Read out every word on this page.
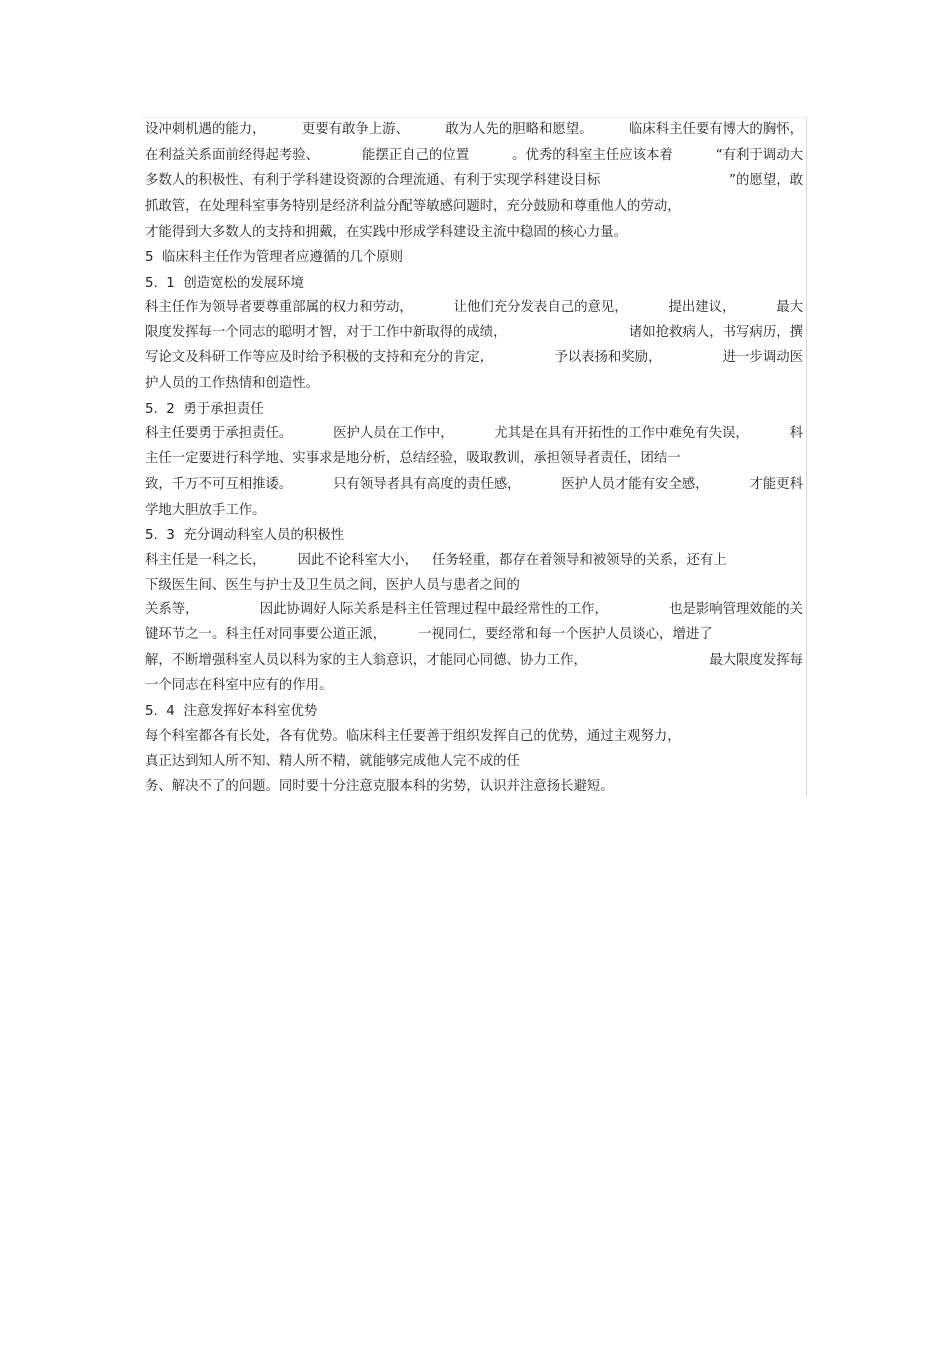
设冲刺机遇的能力，	更要有敢争上游、	敢为人先的胆略和愿望。	临床科主任要有博大的胸怀，
在利益关系面前经得起考验、	能摆正自己的位置	。优秀的科室主任应该本着	“有利于调动大
多数人的积极性、有利于学科建设资源的合理流通、有利于实现学科建设目标	”的愿望，敢
抓敢管，在处理科室事务特别是经济利益分配等敏感问题时，充分鼓励和尊重他人的劳动，
才能得到大多数人的支持和拥戴，在实践中形成学科建设主流中稳固的核心力量。
5  临床科主任作为管理者应遵循的几个原则
5.  1  创造宽松的发展环境
科主任作为领导者要尊重部属的权力和劳动，	让他们充分发表自己的意见，	提出建议，	最大
限度发挥每一个同志的聪明才智，对于工作中新取得的成绩，	诸如抢救病人，书写病历，撰
写论文及科研工作等应及时给予积极的支持和充分的肯定，	予以表扬和奖励，	进一步调动医
护人员的工作热情和创造性。
5.  2  勇于承担责任
科主任要勇于承担责任。	医护人员在工作中，	尤其是在具有开拓性的工作中难免有失误，	科
主任一定要进行科学地、实事求是地分析，总结经验，吸取教训，承担领导者责任，团结一
致，千万不可互相推诿。	只有领导者具有高度的责任感，	医护人员才能有安全感，	才能更科
学地大胆放手工作。
5.  3  充分调动科室人员的积极性
科主任是一科之长， 因此不论科室大小， 任务轻重，都存在着领导和被领导的关系，还有上
下级医生间、医生与护士及卫生员之间，医护人员与患者之间的
关系等，	因此协调好人际关系是科主任管理过程中最经常性的工作，	也是影响管理效能的关
键环节之一。科主任对同事要公道正派， 一视同仁，要经常和每一个医护人员谈心，增进了
解，不断增强科室人员以科为家的主人翁意识，才能同心同德、协力工作，	最大限度发挥每
一个同志在科室中应有的作用。
5.  4  注意发挥好本科室优势
每个科室都各有长处，各有优势。临床科主任要善于组织发挥自己的优势，通过主观努力，
真正达到知人所不知、精人所不精，就能够完成他人完不成的任
务、解决不了的问题。同时要十分注意克服本科的劣势，认识并注意扬长避短。
